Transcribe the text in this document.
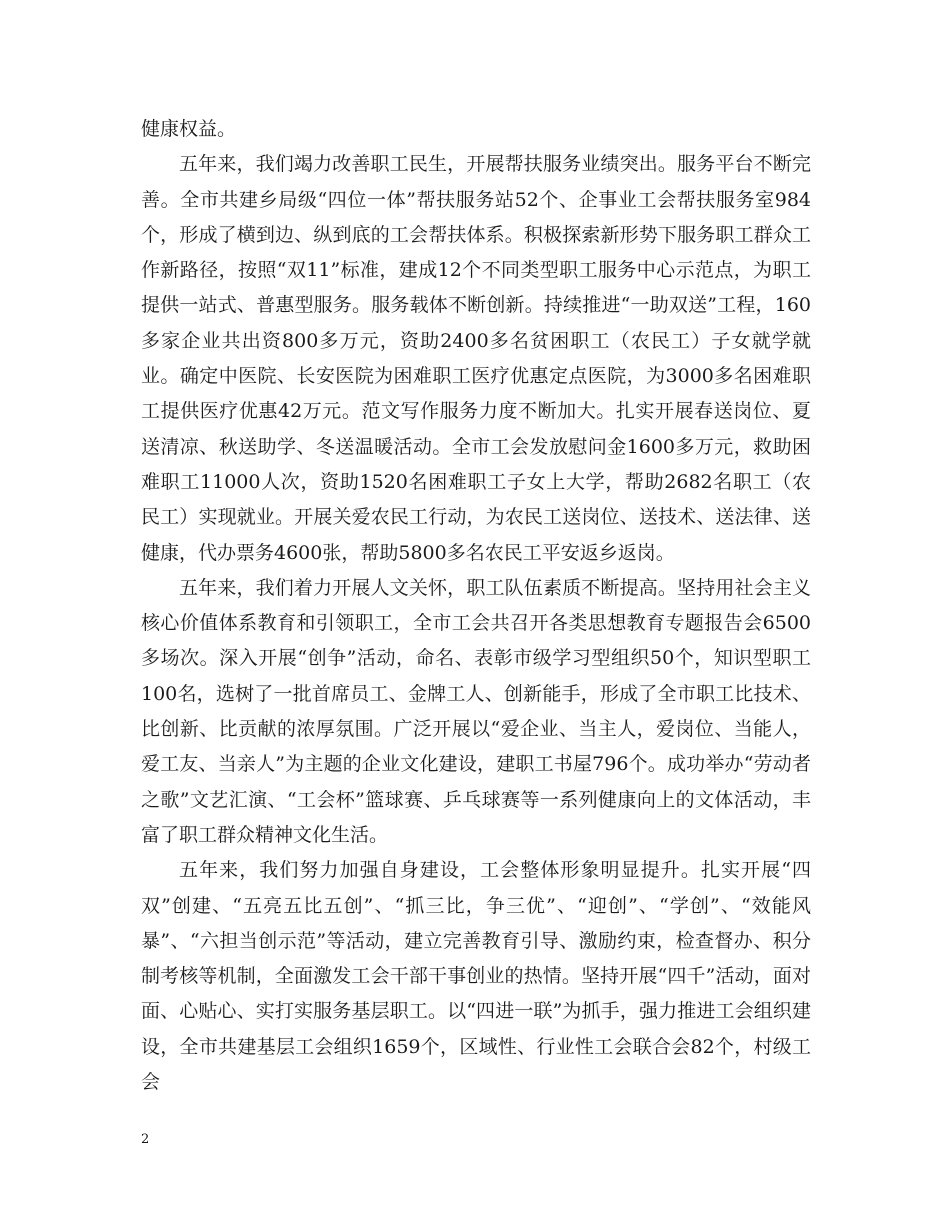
健康权益。

五年来，我们竭力改善职工民生，开展帮扶服务业绩突出。服务平台不断完善。全市共建乡局级“四位一体”帮扶服务站52个、企事业工会帮扶服务室984个，形成了横到边、纵到底的工会帮扶体系。积极探索新形势下服务职工群众工作新路径，按照“双11”标准，建成12个不同类型职工服务中心示范点，为职工提供一站式、普惠型服务。服务载体不断创新。持续推进“一助双送”工程，160多家企业共出资800多万元，资助2400多名贫困职工（农民工）子女就学就业。确定中医院、长安医院为困难职工医疗优惠定点医院，为3000多名困难职工提供医疗优惠42万元。范文写作服务力度不断加大。扎实开展春送岗位、夏送清凉、秋送助学、冬送温暖活动。全市工会发放慰问金1600多万元，救助困难职工11000人次，资助1520名困难职工子女上大学，帮助2682名职工（农民工）实现就业。开展关爱农民工行动，为农民工送岗位、送技术、送法律、送健康，代办票务4600张，帮助5800多名农民工平安返乡返岗。

五年来，我们着力开展人文关怀，职工队伍素质不断提高。坚持用社会主义核心价值体系教育和引领职工，全市工会共召开各类思想教育专题报告会6500多场次。深入开展“创争”活动，命名、表彰市级学习型组织50个，知识型职工100名，选树了一批首席员工、金牌工人、创新能手，形成了全市职工比技术、比创新、比贡献的浓厚氛围。广泛开展以“爱企业、当主人，爱岗位、当能人，爱工友、当亲人”为主题的企业文化建设，建职工书屋796个。成功举办“劳动者之歌”文艺汇演、“工会杯”篮球赛、乒乓球赛等一系列健康向上的文体活动，丰富了职工群众精神文化生活。

五年来，我们努力加强自身建设，工会整体形象明显提升。扎实开展“四双”创建、“五亮五比五创”、“抓三比，争三优”、“迎创”、“学创”、“效能风暴”、“六担当创示范”等活动，建立完善教育引导、激励约束，检查督办、积分制考核等机制，全面激发工会干部干事创业的热情。坚持开展“四千”活动，面对面、心贴心、实打实服务基层职工。以“四进一联”为抓手，强力推进工会组织建设，全市共建基层工会组织1659个，区域性、行业性工会联合会82个，村级工会

2
